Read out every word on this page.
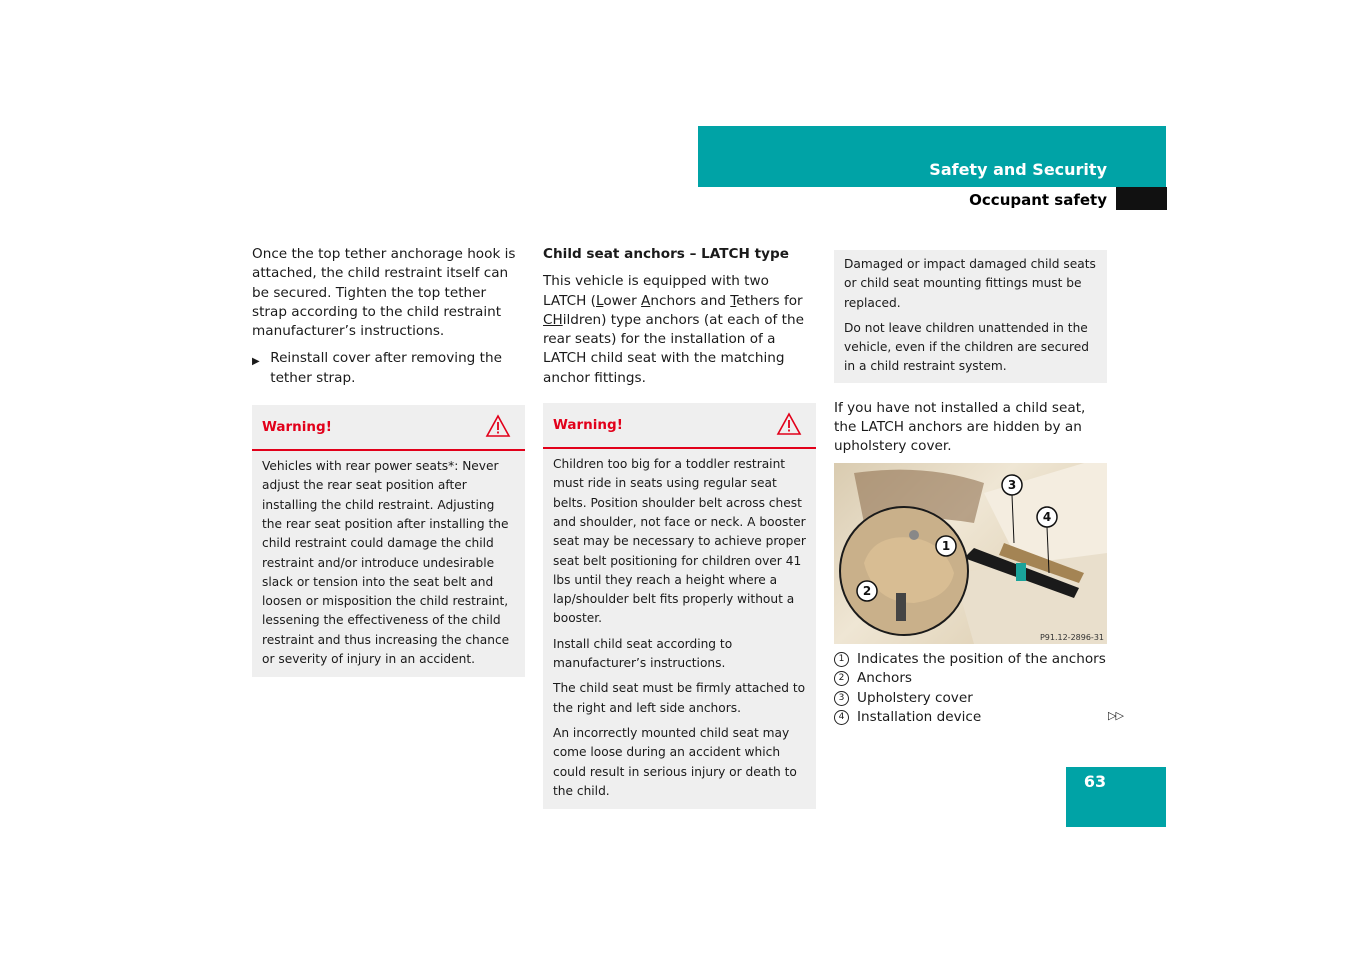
Safety and Security
Occupant safety

Once the top tether anchorage hook is attached, the child restraint itself can be secured. Tighten the top tether strap according to the child restraint manufacturer’s instructions.

▶ Reinstall cover after removing the tether strap.
Warning!

Vehicles with rear power seats*: Never adjust the rear seat position after installing the child restraint. Adjusting the rear seat position after installing the child restraint could damage the child restraint and/or introduce undesirable slack or tension into the seat belt and loosen or misposition the child restraint, lessening the effectiveness of the child restraint and thus increasing the chance or severity of injury in an accident.

Child seat anchors – LATCH type

This vehicle is equipped with two LATCH (Lower Anchors and Tethers for CHildren) type anchors (at each of the rear seats) for the installation of a LATCH child seat with the matching anchor fittings.

Warning!

Children too big for a toddler restraint must ride in seats using regular seat belts. Position shoulder belt across chest and shoulder, not face or neck. A booster seat may be necessary to achieve proper seat belt positioning for children over 41 lbs until they reach a height where a lap/shoulder belt fits properly without a booster.

Install child seat according to manufacturer’s instructions.

The child seat must be firmly attached to the right and left side anchors.

An incorrectly mounted child seat may come loose during an accident which could result in serious injury or death to the child.

Damaged or impact damaged child seats or child seat mounting fittings must be replaced.

Do not leave children unattended in the vehicle, even if the children are secured in a child restraint system.

If you have not installed a child seat, the LATCH anchors are hidden by an upholstery cover.

1
2
3
4
P91.12-2896-31
1 Indicates the position of the anchors
2 Anchors
3 Upholstery cover
4 Installation device	▷▷
63
